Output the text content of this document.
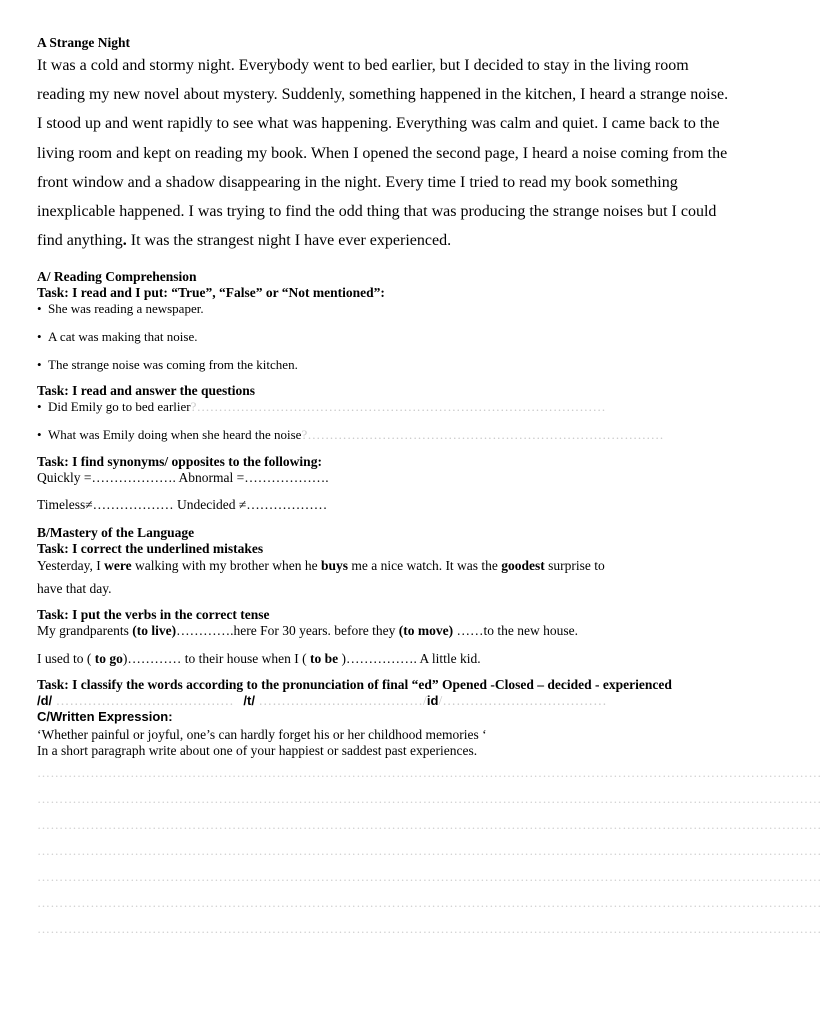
A Strange Night

It was a cold and stormy night. Everybody went to bed earlier, but I decided to stay in the living room reading my new novel about mystery. Suddenly, something happened in the kitchen, I heard a strange noise. I stood up and went rapidly to see what was happening. Everything was calm and quiet. I came back to the living room and kept on reading my book. When I opened the second page, I heard a noise coming from the front window and a shadow disappearing in the night. Every time I tried to read my book something inexplicable happened. I was trying to find the odd thing that was producing the strange noises but I could find anything. It was the strangest night I have ever experienced.

A/ Reading Comprehension

Task: I read and I put: “True”, “False” or “Not mentioned”:

• She was reading a newspaper.
• A cat was making that noise.
• The strange noise was coming from the kitchen.

Task: I read and answer the questions

• Did Emily go to bed earlier ?…………………………………………………………………………………
• What was Emily doing when she heard the noise ?………………………………………………………………………

Task: I find synonyms/ opposites to the following:

Quickly =………………. Abnormal =……………….

Timeless≠……………… Undecided ≠………………

B/Mastery of the Language

Task: I correct the underlined mistakes

Yesterday, I were walking with my brother when he buys me a nice watch. It was the goodest surprise to

have that day.

Task: I put the verbs in the correct tense

My grandparents (to live)………….here For 30 years. before they (to move) ……to the new house.

I used to ( to go)………… to their house when I ( to be )……………. A little kid.

Task: I classify the words according to the pronunciation of final “ed” Opened -Closed – decided - experienced

/d/ ………………………………… /t/ ………………………………/id/………………………………

C/Written Expression:

‘Whether painful or joyful, one’s can hardly forget his or her childhood memories ‘

In a short paragraph write about one of your happiest or saddest past experiences.

……………………………………………………………………………………………………………………………………………………………

……………………………………………………………………………………………………………………………………………………………

……………………………………………………………………………………………………………………………………………………………

……………………………………………………………………………………………………………………………………………………………

……………………………………………………………………………………………………………………………………………………………

……………………………………………………………………………………………………………………………………………………………

……………………………………………………………………………………………………………………………………………………………
